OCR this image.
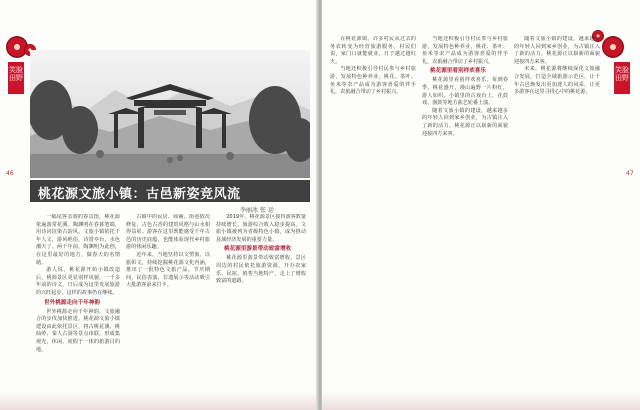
笑脸田野
46
桃花源文旅小镇：古邑新姿竞风流
李丽冰 张 运

一幅尾客亲游的春景图，桃花源依遍游常花溪。陶渊明在春暮笔端，用诗词渲染古韵风。文旅小镇依托千年人文，游风绝俗，诗赏亭台，水色潮天了。两千年前，陶渊明为此创，在这里最好的地方，做春天的名情绪。

游人说，桃花源开始小镇改造后，桃源景区更显别样风貌。一千多年前的诗文，日后成为这里发展旅游的兴旺起步，这样的故事仍在继续。

世外桃源走向千年神韵

世外桃源走向千年神韵，文旅融合的步伐加快推进。桃花源文旅小镇建设由此依托景区，将古桃花溪、桃仙岭、秦人古洞等景点串联，形成集观光、休闲、度假于一体的旅游目的地。

古镇中的民居、商铺、街巷依次修复，古色古香的建筑风格与山水相得益彰。游客在这里既能感受千年古邑的历史底蕴，也能体验现代乡村旅游的休闲乐趣。

近年来，当地坚持以文塑旅、以旅彰文，持续挖掘桃花源文化内涵，推出了一批特色文旅产品。节庆期间，民俗表演、非遗展示等活动吸引大批游客前来打卡。

2019年，桃花源景区接待游客数量持续增长，旅游综合收入稳步提高。文旅小镇被列为省级特色小镇，成为推动县域经济发展的重要力量。

桃花源里游景带动致富增收

桃花源里游景带动致富增收。景区周边的村民依托旅游资源，开办农家乐、民宿，销售当地特产，走上了增收致富的道路。

笑脸田野
47

在桃花源镇，许多村民从过去的务农转变为经营旅游服务。村民们说，家门口就能就业，日子越过越红火。

当地还积极引导村民参与乡村旅游，发展特色种养业，桃花、茶叶、鱼米等农产品成为游客喜爱的伴手礼，农旅融合带动了乡村振兴。

当地还积极引导村民参与乡村旅游，发展特色种养业，桃花、茶叶、鱼米等农产品成为游客喜爱的伴手礼，农旅融合带动了乡村振兴。

桃花源里看别样欢喜乐

桃花源里看别样欢喜乐。每到春季，桃花盛开，漫山遍野一片粉红，游人如织。小镇里的古戏台上，花鼓戏、渔鼓等地方曲艺轮番上演。

随着文旅小镇的建设，越来越多的年轻人回到家乡创业，为古镇注入了新的活力。桃花源正以崭新的面貌迎接四方来客。

随着文旅小镇的建设，越来越多的年轻人回到家乡创业，为古镇注入了新的活力。桃花源正以崭新的面貌迎接四方来客。

未来，桃花源将继续深化文旅融合发展，打造全域旅游示范区，让千年古邑焕发出更加迷人的风采，让更多游客在这里寻找心中的桃花源。
